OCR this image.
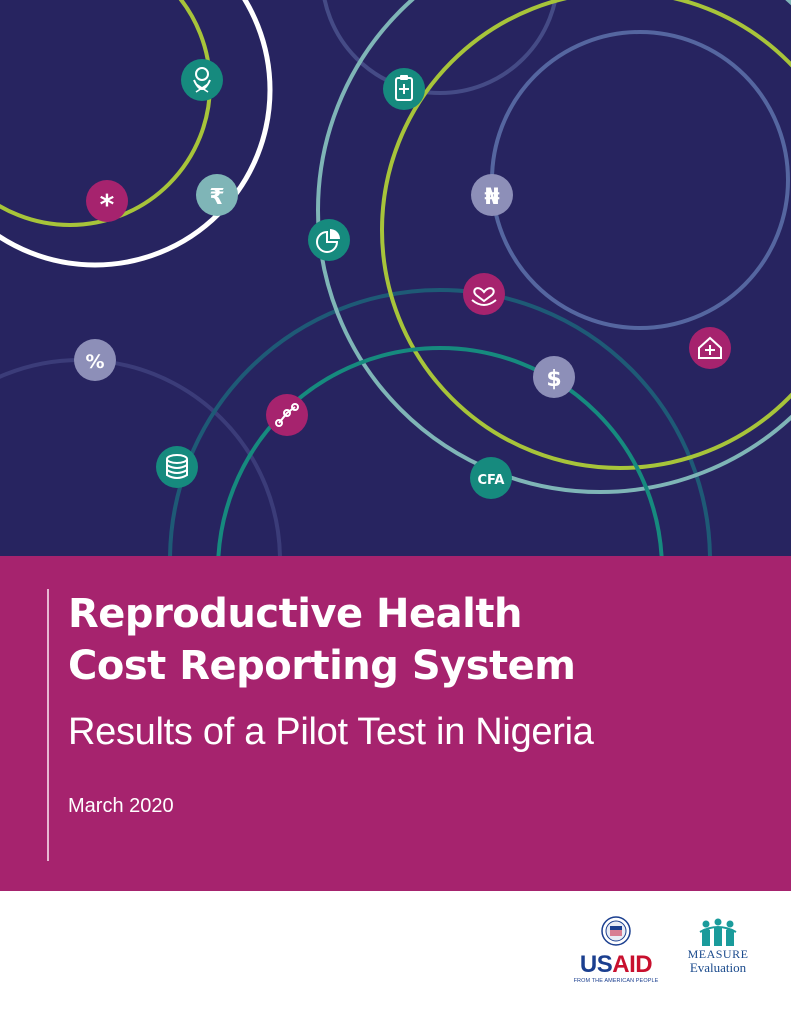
*	₹	₦
%
$
CFA
Reproductive Health
Cost Reporting System
Results of a Pilot Test in Nigeria
March 2020
USAID
FROM THE AMERICAN PEOPLE
MEASURE
Evaluation
